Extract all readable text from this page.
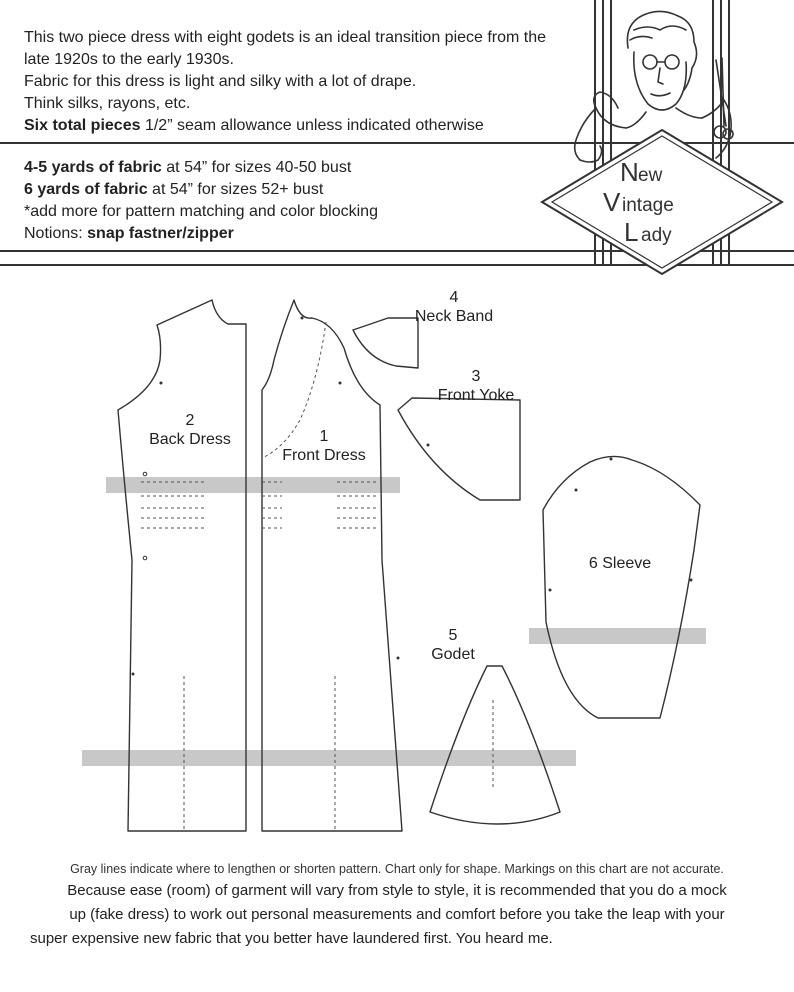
This two piece dress with eight godets is an ideal transition piece from the
late 1920s to the early 1930s.
Fabric for this dress is light and silky with a lot of drape.
Think silks, rayons, etc.
Six total pieces 1/2” seam allowance unless indicated otherwise
4-5 yards of fabric at 54” for sizes 40-50 bust
6 yards of fabric at 54” for sizes 52+ bust
*add more for pattern matching and color blocking
Notions: snap fastner/zipper
N ew
V intage
L ady
2
Back Dress	1
Front Dress
4
Neck Band
3
Front Yoke
6 Sleeve
5
Godet
Gray lines indicate where to lengthen or shorten pattern. Chart only for shape. Markings on this chart are not accurate.
Because ease (room) of garment will vary from style to style, it is recommended that you do a mock
up (fake dress) to work out personal measurements and comfort before you take the leap with your
super expensive new fabric that you better have laundered first. You heard me.
